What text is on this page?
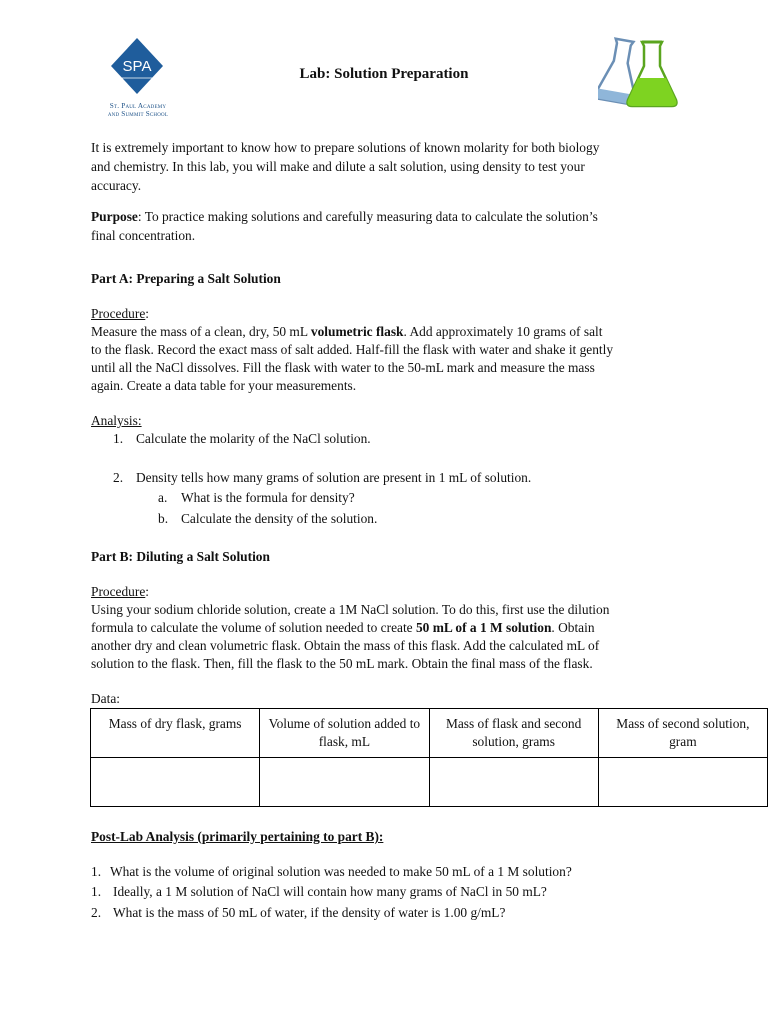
SPA
St. Paul Academy
and Summit School
Lab: Solution Preparation

It is extremely important to know how to prepare solutions of known molarity for both biology

and chemistry. In this lab, you will make and dilute a salt solution, using density to test your

accuracy.

Purpose: To practice making solutions and carefully measuring data to calculate the solution’s

final concentration.

Part A: Preparing a Salt Solution

Procedure:

Measure the mass of a clean, dry, 50 mL volumetric flask. Add approximately 10 grams of salt

to the flask. Record the exact mass of salt added. Half-fill the flask with water and shake it gently

until all the NaCl dissolves. Fill the flask with water to the 50-mL mark and measure the mass

again. Create a data table for your measurements.

Analysis:

1. Calculate the molarity of the NaCl solution.

2. Density tells how many grams of solution are present in 1 mL of solution.

a. What is the formula for density?

b. Calculate the density of the solution.

Part B: Diluting a Salt Solution

Procedure:

Using your sodium chloride solution, create a 1M NaCl solution. To do this, first use the dilution

formula to calculate the volume of solution needed to create 50 mL of a 1 M solution. Obtain

another dry and clean volumetric flask. Obtain the mass of this flask. Add the calculated mL of

solution to the flask. Then, fill the flask to the 50 mL mark. Obtain the final mass of the flask.

Data:

Mass of dry flask, grams	Volume of solution added to flask, mL	Mass of flask and second solution, grams	Mass of second solution, gram

Post-Lab Analysis (primarily pertaining to part B):

1. What is the volume of original solution was needed to make 50 mL of a 1 M solution?

1. Ideally, a 1 M solution of NaCl will contain how many grams of NaCl in 50 mL?

2. What is the mass of 50 mL of water, if the density of water is 1.00 g/mL?
